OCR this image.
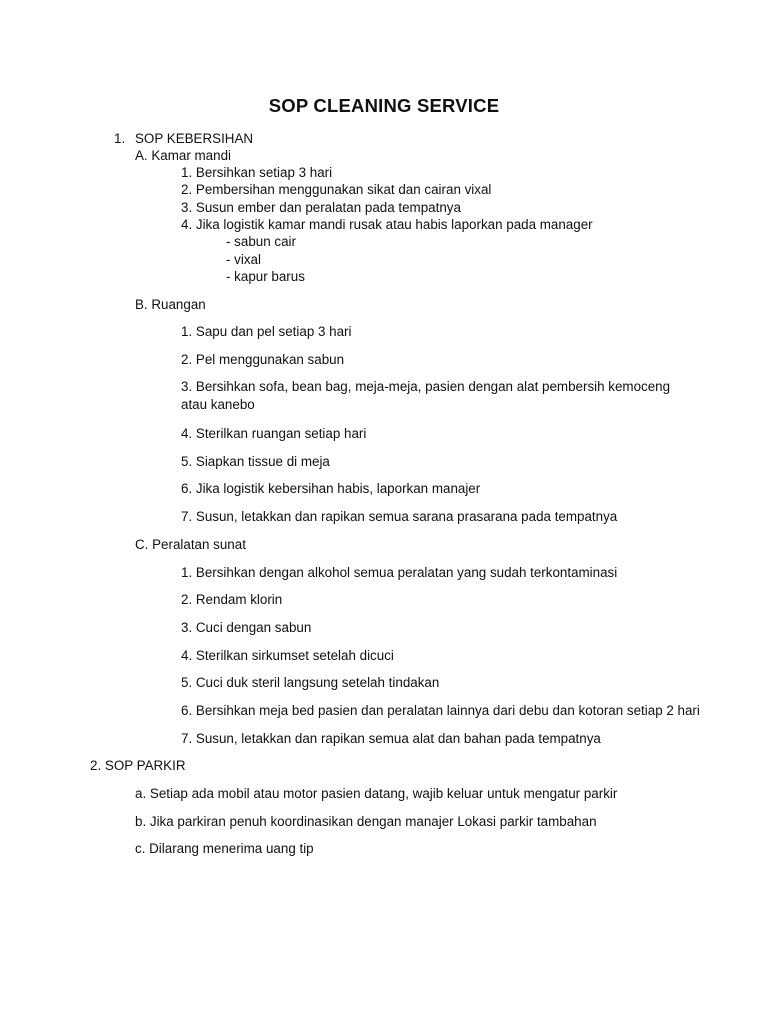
SOP CLEANING SERVICE
1. SOP KEBERSIHAN
A. Kamar mandi
1. Bersihkan setiap 3 hari
2. Pembersihan menggunakan sikat dan cairan vixal
3. Susun ember dan peralatan pada tempatnya
4. Jika logistik kamar mandi rusak atau habis laporkan pada manager
- sabun cair
- vixal
- kapur barus
B. Ruangan
1. Sapu dan pel setiap 3 hari
2. Pel menggunakan sabun
3. Bersihkan sofa, bean bag, meja-meja, pasien dengan alat pembersih kemoceng atau kanebo
4. Sterilkan ruangan setiap hari
5. Siapkan tissue di meja
6. Jika logistik kebersihan habis, laporkan manajer
7. Susun, letakkan dan rapikan semua sarana prasarana pada tempatnya
C. Peralatan sunat
1. Bersihkan dengan alkohol semua peralatan yang sudah terkontaminasi
2. Rendam klorin
3. Cuci dengan sabun
4. Sterilkan sirkumset setelah dicuci
5. Cuci duk steril langsung setelah tindakan
6. Bersihkan meja bed pasien dan peralatan lainnya dari debu dan kotoran setiap 2 hari
7. Susun, letakkan dan rapikan semua alat dan bahan pada tempatnya
2. SOP PARKIR
a. Setiap ada mobil atau motor pasien datang, wajib keluar untuk mengatur parkir
b. Jika parkiran penuh koordinasikan dengan manajer Lokasi parkir tambahan
c. Dilarang menerima uang tip
